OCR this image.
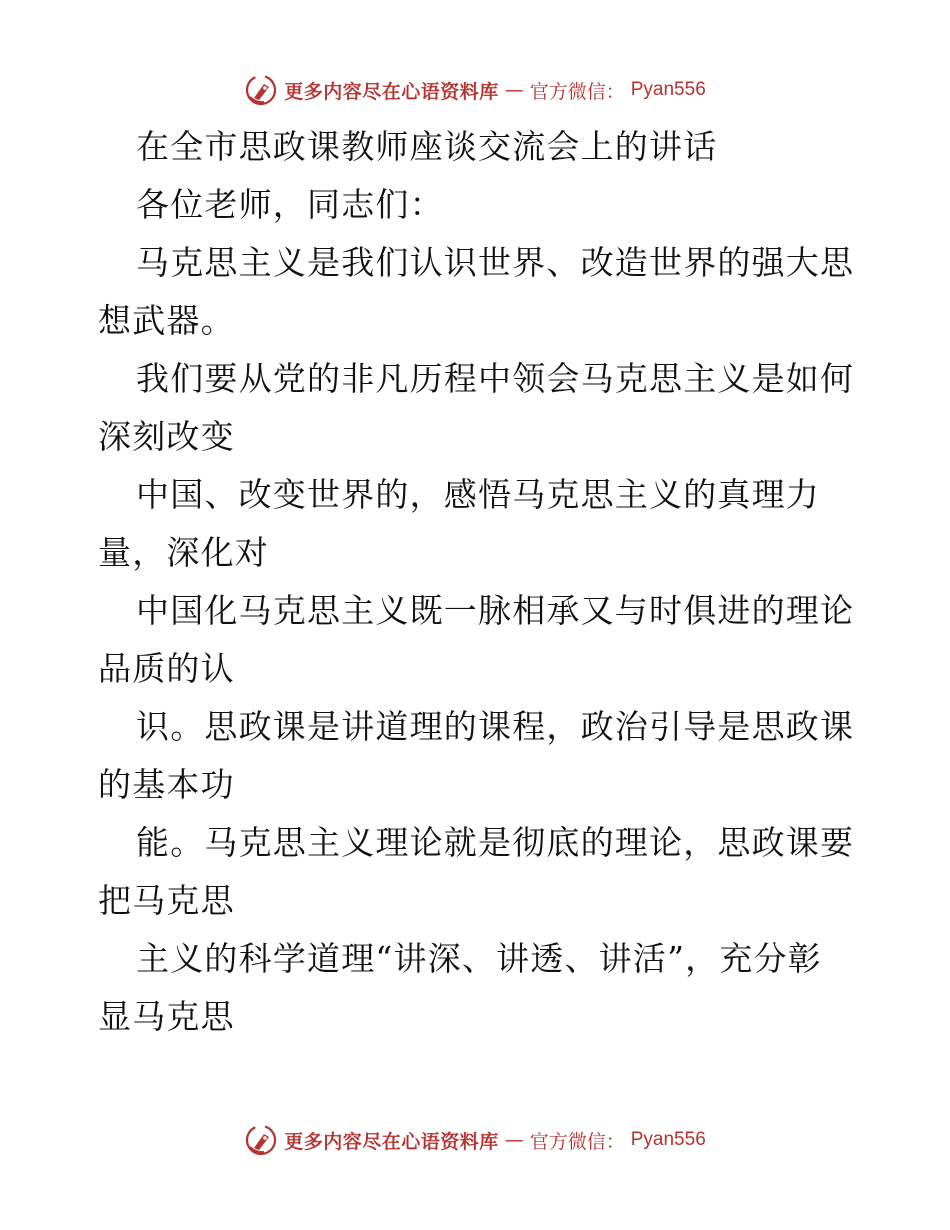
更多内容尽在心语资料库 — 官方微信： Pyan556
在全市思政课教师座谈交流会上的讲话
各位老师，同志们：
马克思主义是我们认识世界、改造世界的强大思
想武器。
我们要从党的非凡历程中领会马克思主义是如何
深刻改变
中国、改变世界的，感悟马克思主义的真理力
量，深化对
中国化马克思主义既一脉相承又与时俱进的理论
品质的认
识。思政课是讲道理的课程，政治引导是思政课
的基本功
能。马克思主义理论就是彻底的理论，思政课要
把马克思
主义的科学道理“讲深、讲透、讲活”，充分彰
显马克思
更多内容尽在心语资料库 — 官方微信： Pyan556
